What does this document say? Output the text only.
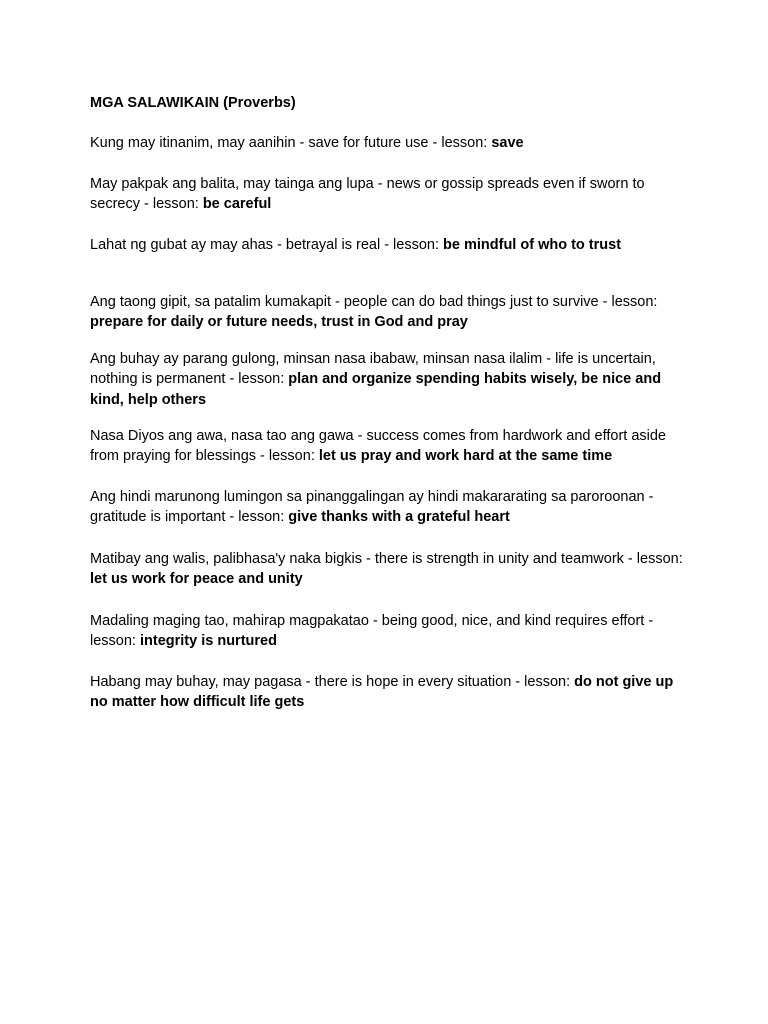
MGA SALAWIKAIN (Proverbs)

Kung may itinanim, may aanihin - save for future use - lesson: save

May pakpak ang balita, may tainga ang lupa - news or gossip spreads even if sworn to secrecy - lesson: be careful

Lahat ng gubat ay may ahas - betrayal is real - lesson: be mindful of who to trust

Ang taong gipit, sa patalim kumakapit - people can do bad things just to survive - lesson: prepare for daily or future needs, trust in God and pray

Ang buhay ay parang gulong, minsan nasa ibabaw, minsan nasa ilalim - life is uncertain, nothing is permanent - lesson: plan and organize spending habits wisely, be nice and kind, help others

Nasa Diyos ang awa, nasa tao ang gawa - success comes from hardwork and effort aside from praying for blessings - lesson: let us pray and work hard at the same time

Ang hindi marunong lumingon sa pinanggalingan ay hindi makararating sa paroroonan - gratitude is important - lesson: give thanks with a grateful heart

Matibay ang walis, palibhasa'y naka bigkis - there is strength in unity and teamwork - lesson: let us work for peace and unity

Madaling maging tao, mahirap magpakatao - being good, nice, and kind requires effort - lesson: integrity is nurtured

Habang may buhay, may pagasa - there is hope in every situation - lesson: do not give up no matter how difficult life gets
